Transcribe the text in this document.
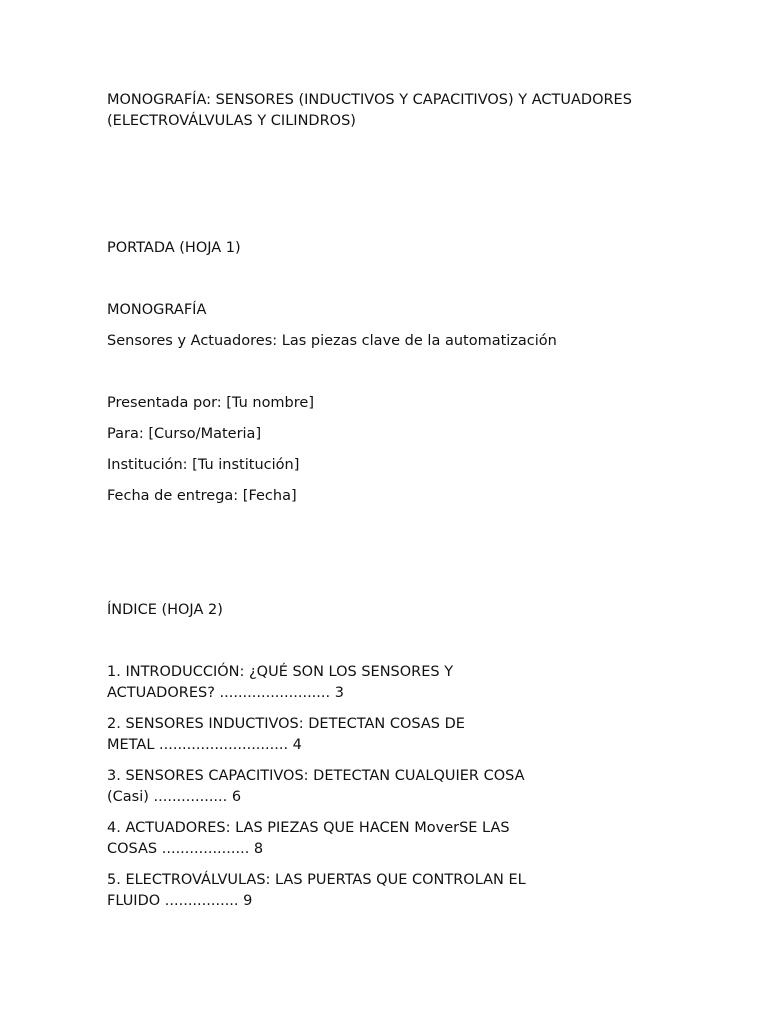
MONOGRAFÍA: SENSORES (INDUCTIVOS Y CAPACITIVOS) Y ACTUADORES (ELECTROVÁLVULAS Y CILINDROS)

PORTADA (HOJA 1)

MONOGRAFÍA

Sensores y Actuadores: Las piezas clave de la automatización

Presentada por: [Tu nombre]

Para: [Curso/Materia]

Institución: [Tu institución]

Fecha de entrega: [Fecha]

ÍNDICE (HOJA 2)

1. INTRODUCCIÓN: ¿QUÉ SON LOS SENSORES Y ACTUADORES? ........................ 3

2. SENSORES INDUCTIVOS: DETECTAN COSAS DE METAL ............................ 4

3. SENSORES CAPACITIVOS: DETECTAN CUALQUIER COSA (Casi) ................ 6

4. ACTUADORES: LAS PIEZAS QUE HACEN MoverSE LAS COSAS ................... 8

5. ELECTROVÁLVULAS: LAS PUERTAS QUE CONTROLAN EL FLUIDO ................ 9
